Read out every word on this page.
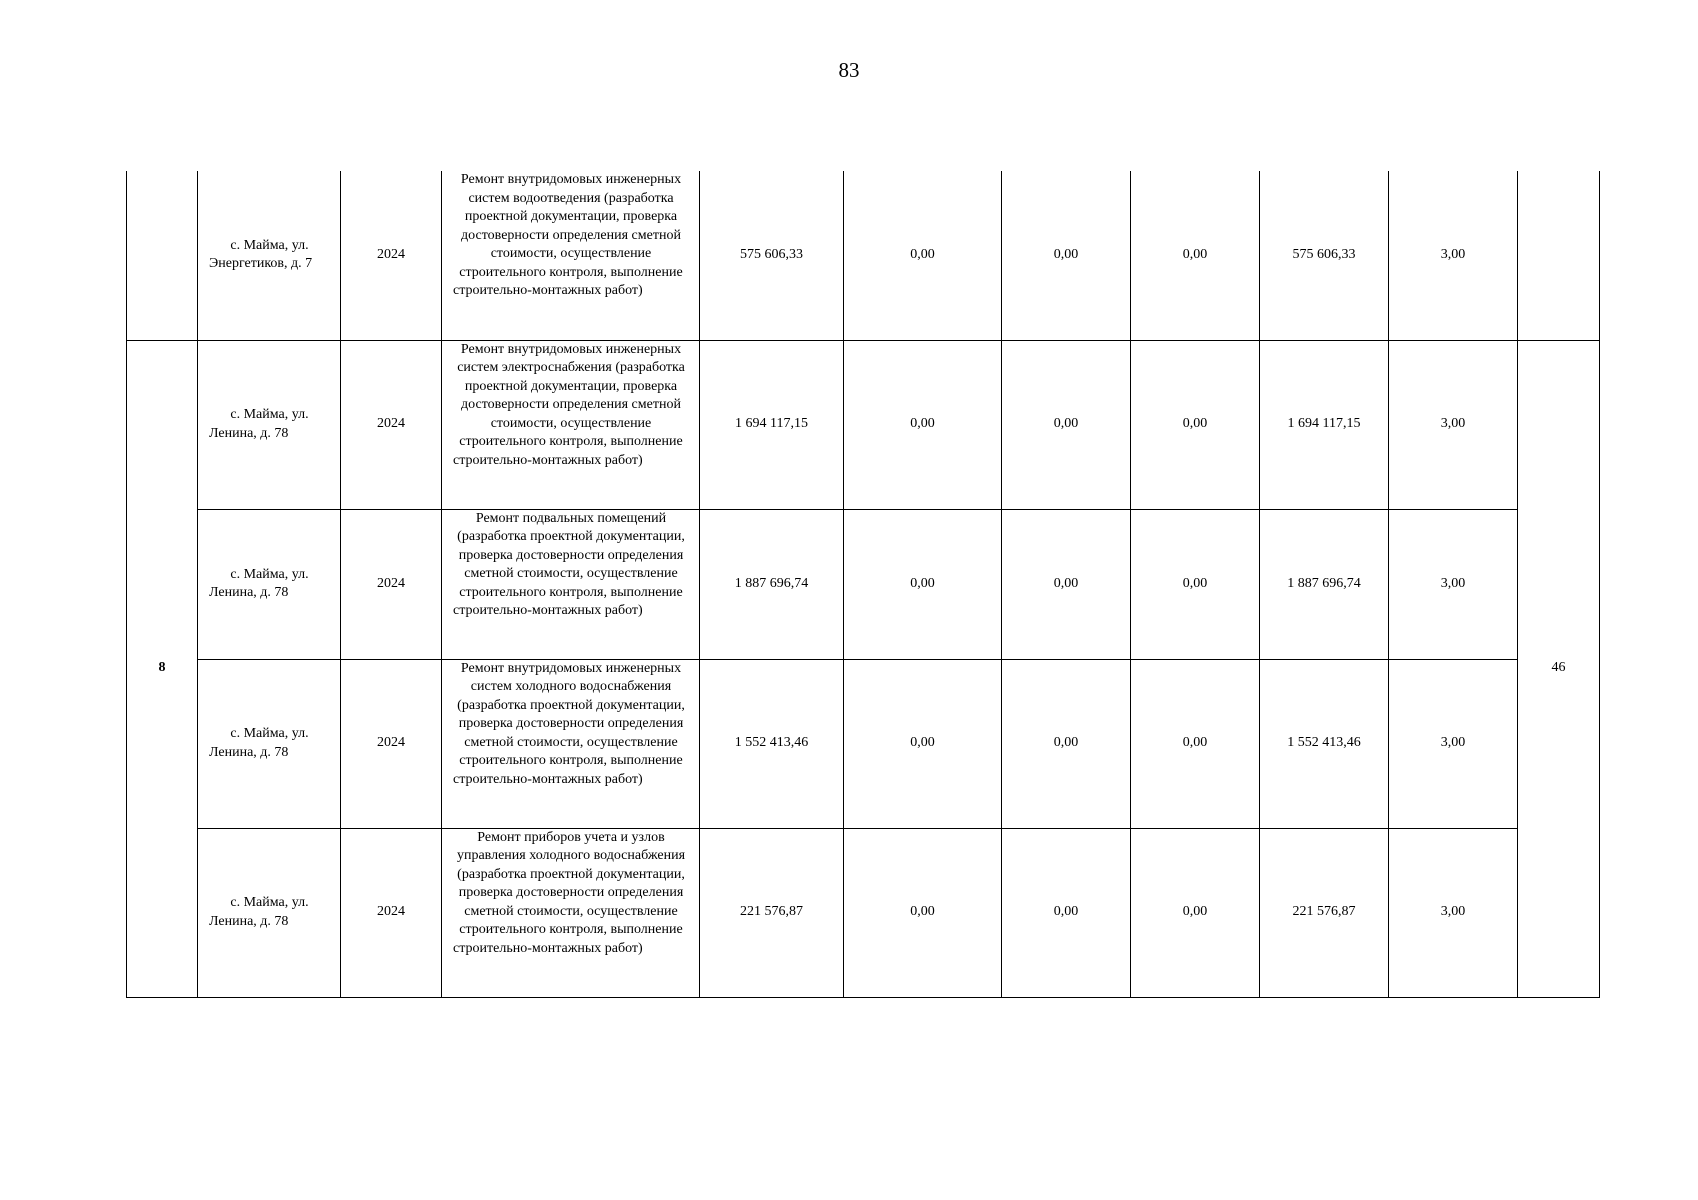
83
	с. Майма, ул. Энергетиков, д. 7	2024	Ремонт внутридомовых инженерных систем водоотведения (разработка проектной документации, проверка достоверности определения сметной стоимости, осуществление строительного контроля, выполнение строительно-монтажных работ)	575 606,33	0,00	0,00	0,00	575 606,33	3,00	
8	с. Майма, ул. Ленина, д. 78	2024	Ремонт внутридомовых инженерных систем электроснабжения (разработка проектной документации, проверка достоверности определения сметной стоимости, осуществление строительного контроля, выполнение строительно-монтажных работ)	1 694 117,15	0,00	0,00	0,00	1 694 117,15	3,00	46
	с. Майма, ул. Ленина, д. 78	2024	Ремонт подвальных помещений (разработка проектной документации, проверка достоверности определения сметной стоимости, осуществление строительного контроля, выполнение строительно-монтажных работ)	1 887 696,74	0,00	0,00	0,00	1 887 696,74	3,00	
	с. Майма, ул. Ленина, д. 78	2024	Ремонт внутридомовых инженерных систем холодного водоснабжения (разработка проектной документации, проверка достоверности определения сметной стоимости, осуществление строительного контроля, выполнение строительно-монтажных работ)	1 552 413,46	0,00	0,00	0,00	1 552 413,46	3,00	
	с. Майма, ул. Ленина, д. 78	2024	Ремонт приборов учета и узлов управления холодного водоснабжения (разработка проектной документации, проверка достоверности определения сметной стоимости, осуществление строительного контроля, выполнение строительно-монтажных работ)	221 576,87	0,00	0,00	0,00	221 576,87	3,00	
